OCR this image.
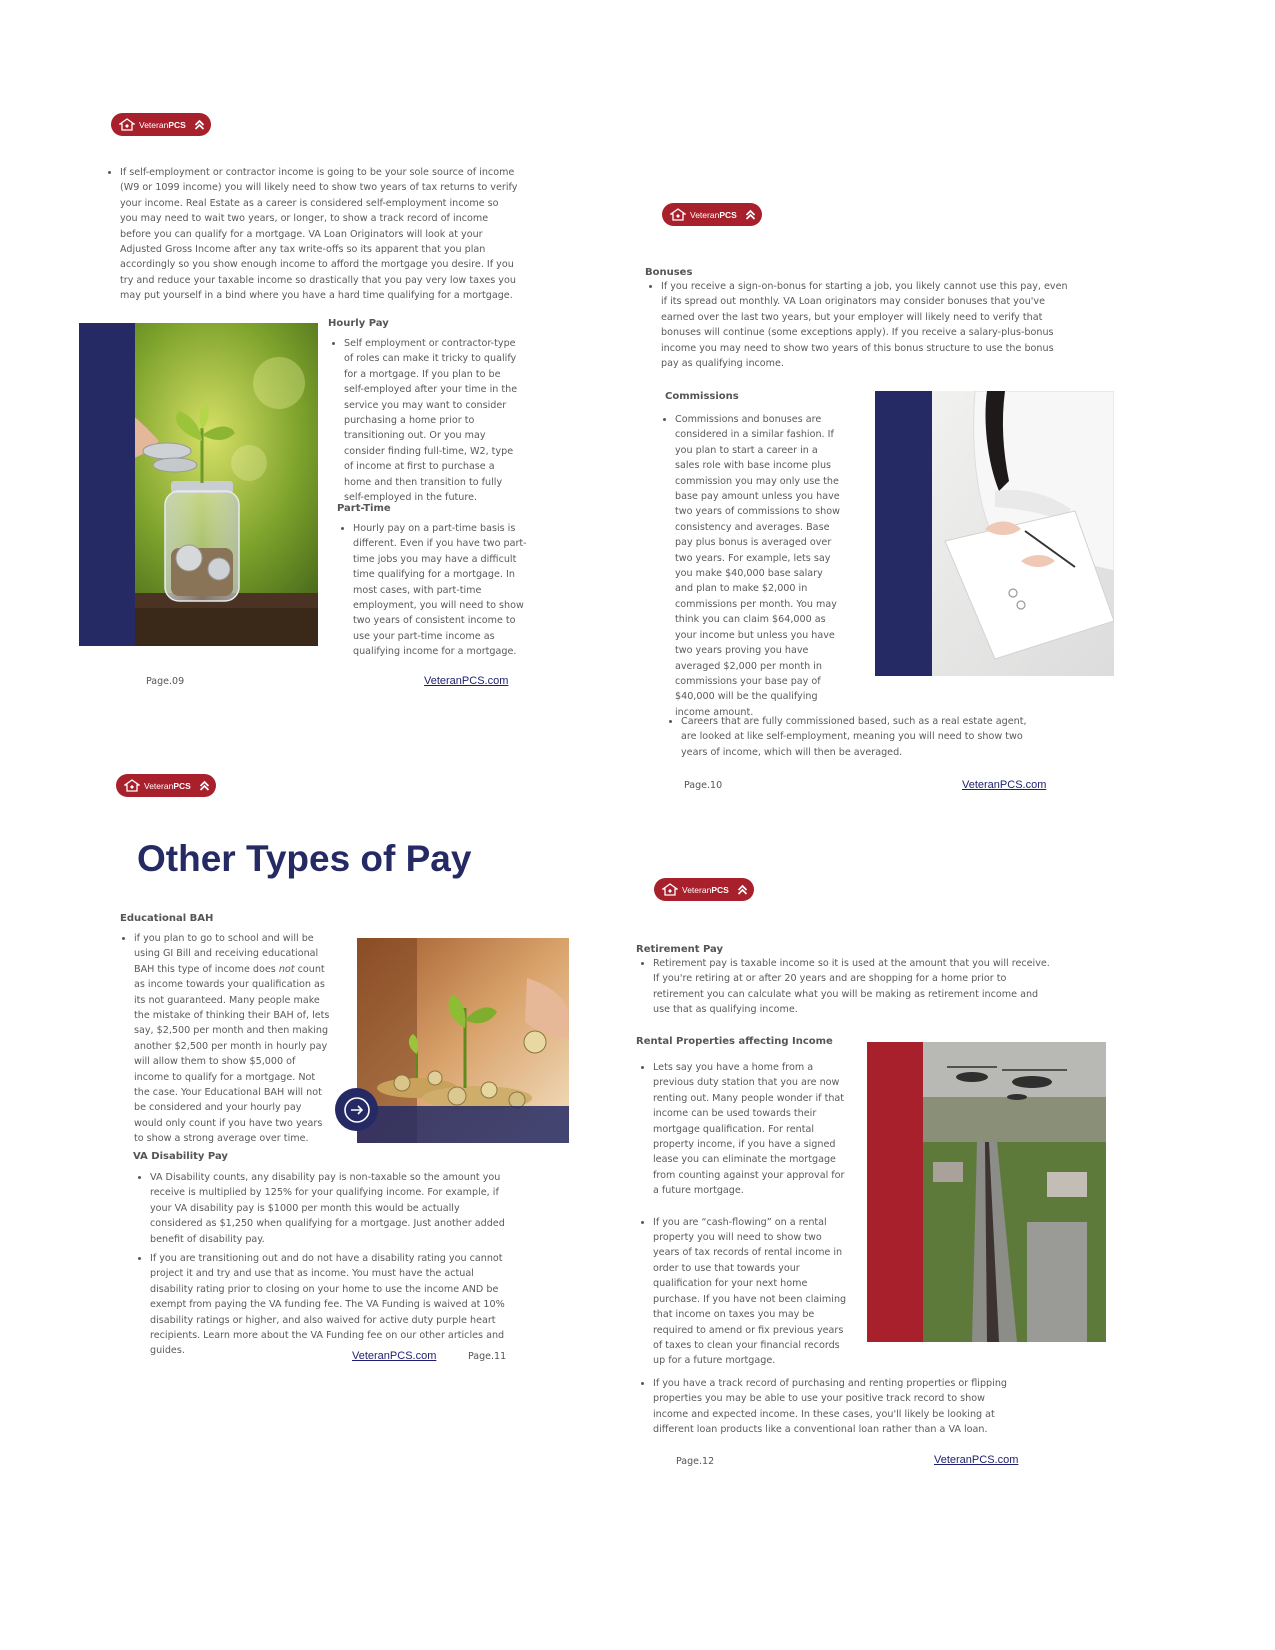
VeteranPCS
• If self-employment or contractor income is going to be your sole source of income (W9 or 1099 income) you will likely need to show two years of tax returns to verify your income. Real Estate as a career is considered self-employment income so you may need to wait two years, or longer, to show a track record of income before you can qualify for a mortgage. VA Loan Originators will look at your Adjusted Gross Income after any tax write-offs so its apparent that you plan accordingly so you show enough income to afford the mortgage you desire. If you try and reduce your taxable income so drastically that you pay very low taxes you may put yourself in a bind where you have a hard time qualifying for a mortgage.

Hourly Pay

• Self employment or contractor-type of roles can make it tricky to qualify for a mortgage. If you plan to be self-employed after your time in the service you may want to consider purchasing a home prior to transitioning out. Or you may consider finding full-time, W2, type of income at first to purchase a home and then transition to fully self-employed in the future.

Part-Time

• Hourly pay on a part-time basis is different. Even if you have two part-time jobs you may have a difficult time qualifying for a mortgage. In most cases, with part-time employment, you will need to show two years of consistent income to use your part-time income as qualifying income for a mortgage.
Page.09	VeteranPCS.com
VeteranPCS

Bonuses

• If you receive a sign-on-bonus for starting a job, you likely cannot use this pay, even if its spread out monthly. VA Loan originators may consider bonuses that you've earned over the last two years, but your employer will likely need to verify that bonuses will continue (some exceptions apply). If you receive a salary-plus-bonus income you may need to show two years of this bonus structure to use the bonus pay as qualifying income.

Commissions

• Commissions and bonuses are considered in a similar fashion. If you plan to start a career in a sales role with base income plus commission you may only use the base pay amount unless you have two years of commissions to show consistency and averages. Base pay plus bonus is averaged over two years. For example, lets say you make $40,000 base salary and plan to make $2,000 in commissions per month. You may think you can claim $64,000 as your income but unless you have two years proving you have averaged $2,000 per month in commissions your base pay of $40,000 will be the qualifying income amount.
• Careers that are fully commissioned based, such as a real estate agent, are looked at like self-employment, meaning you will need to show two years of income, which will then be averaged.
Page.10	VeteranPCS.com
VeteranPCS
Other Types of Pay

Educational BAH

• if you plan to go to school and will be using GI Bill and receiving educational BAH this type of income does not count as income towards your qualification as its not guaranteed. Many people make the mistake of thinking their BAH of, lets say, $2,500 per month and then making another $2,500 per month in hourly pay will allow them to show $5,000 of income to qualify for a mortgage. Not the case. Your Educational BAH will not be considered and your hourly pay would only count if you have two years to show a strong average over time.

VA Disability Pay

• VA Disability counts, any disability pay is non-taxable so the amount you receive is multiplied by 125% for your qualifying income. For example, if your VA disability pay is $1000 per month this would be actually considered as $1,250 when qualifying for a mortgage. Just another added benefit of disability pay.
• If you are transitioning out and do not have a disability rating you cannot project it and try and use that as income. You must have the actual disability rating prior to closing on your home to use the income AND be exempt from paying the VA funding fee. The VA Funding is waived at 10% disability ratings or higher, and also waived for active duty purple heart recipients. Learn more about the VA Funding fee on our other articles and guides.	VeteranPCS.com	Page.11
VeteranPCS

Retirement Pay

• Retirement pay is taxable income so it is used at the amount that you will receive. If you're retiring at or after 20 years and are shopping for a home prior to retirement you can calculate what you will be making as retirement income and use that as qualifying income.

Rental Properties affecting Income

• Lets say you have a home from a previous duty station that you are now renting out. Many people wonder if that income can be used towards their mortgage qualification. For rental property income, if you have a signed lease you can eliminate the mortgage from counting against your approval for a future mortgage.
• If you are “cash-flowing” on a rental property you will need to show two years of tax records of rental income in order to use that towards your qualification for your next home purchase. If you have not been claiming that income on taxes you may be required to amend or fix previous years of taxes to clean your financial records up for a future mortgage.
• If you have a track record of purchasing and renting properties or flipping properties you may be able to use your positive track record to show income and expected income. In these cases, you'll likely be looking at different loan products like a conventional loan rather than a VA loan.
Page.12	VeteranPCS.com
